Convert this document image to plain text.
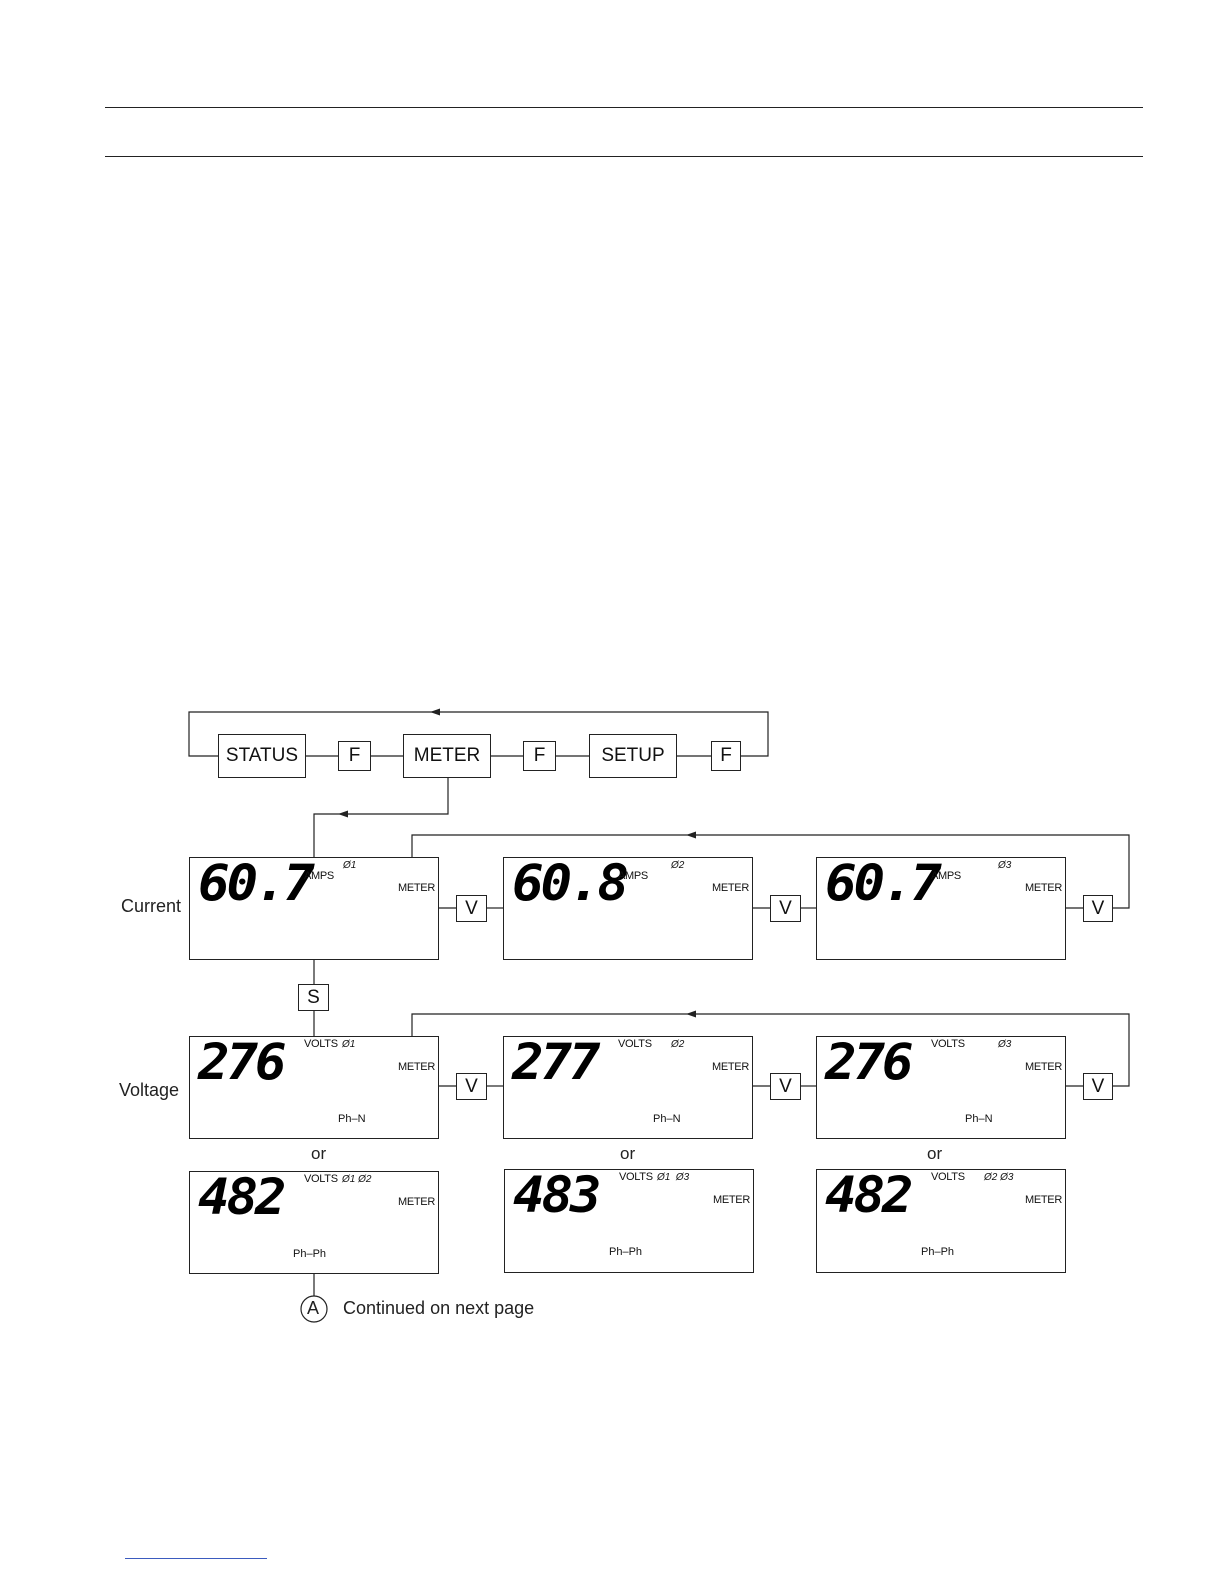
STATUS	F	METER	F	SETUP	F
Current
Voltage
60.7
AMPS
Ø1
METER
V 60.8
AMPS
Ø2
METER
V 60.7
AMPS
Ø3
METER
V
S
276 VOLTS Ø1
METER
Ph–N
V 277 VOLTS Ø2
METER
Ph–N
V 276 VOLTS	Ø3
METER
Ph–N
V
or	or	or
482 VOLTS Ø1 Ø2
METER
Ph–Ph
483 VOLTS Ø1  Ø3
METER
Ph–Ph
482 VOLTS Ø2 Ø3
METER
Ph–Ph
A Continued on next page
